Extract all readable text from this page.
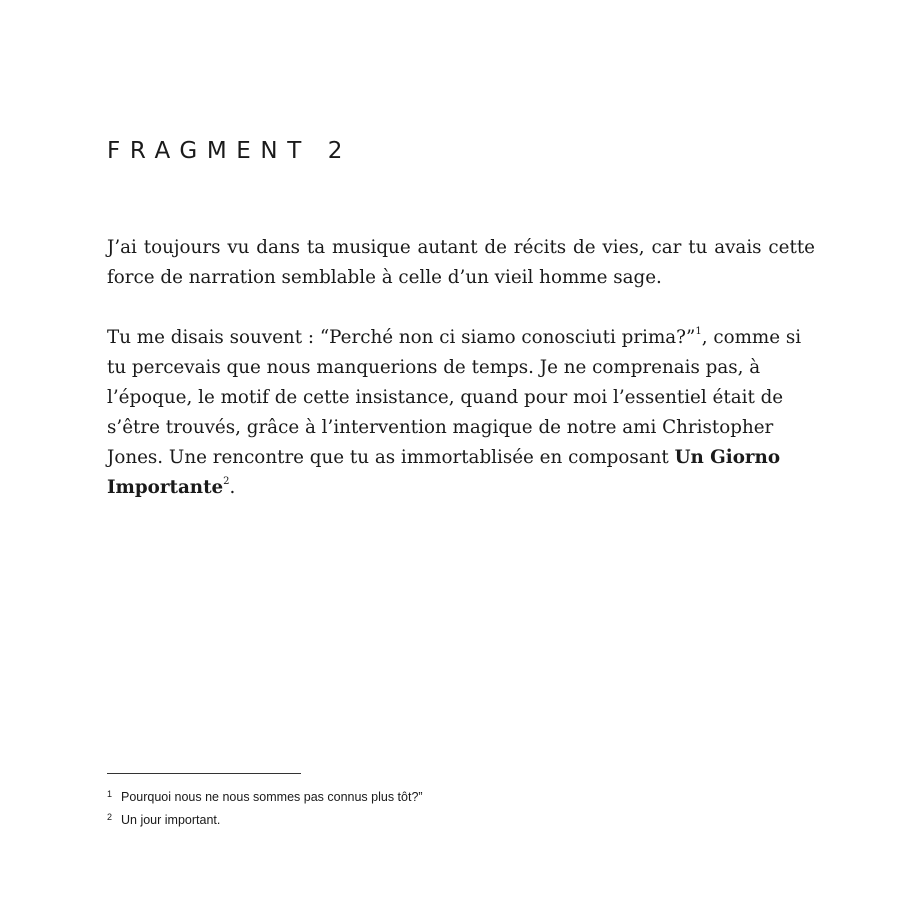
FRAGMENT 2

J’ai toujours vu dans ta musique autant de récits de vies, car tu avais cette force de narration semblable à celle d’un vieil homme sage.

Tu me disais souvent : “Perché non ci siamo conosciuti prima?”$^1$, comme si tu percevais que nous manquerions de temps. Je ne comprenais pas, à l’époque, le motif de cette insistance, quand pour moi l’essentiel était de s’être trouvés, grâce à l’intervention magique de notre ami Christopher Jones. Une rencontre que tu as immortablisée en composant Un Giorno Importante$^2$.

1 Pourquoi nous ne nous sommes pas connus plus tôt?”
2 Un jour important.
